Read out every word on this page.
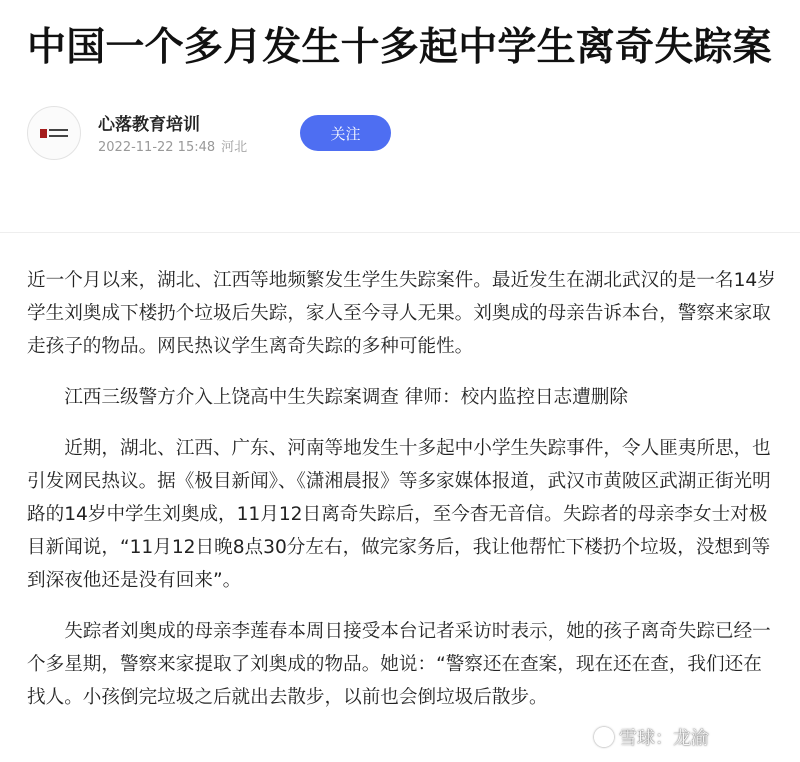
中国一个多月发生十多起中学生离奇失踪案
心落教育培训
2022-11-22 15:48 河北
关注

近一个月以来，湖北、江西等地频繁发生学生失踪案件。最近发生在湖北武汉的是一名14岁学生刘奥成下楼扔个垃圾后失踪，家人至今寻人无果。刘奥成的母亲告诉本台，警察来家取走孩子的物品。网民热议学生离奇失踪的多种可能性。

江西三级警方介入上饶高中生失踪案调查 律师：校内监控日志遭删除

近期，湖北、江西、广东、河南等地发生十多起中小学生失踪事件，令人匪夷所思，也引发网民热议。据《极目新闻》、《潇湘晨报》等多家媒体报道，武汉市黄陂区武湖正街光明路的14岁中学生刘奥成，11月12日离奇失踪后，至今杳无音信。失踪者的母亲李女士对极目新闻说，“11月12日晚8点30分左右，做完家务后，我让他帮忙下楼扔个垃圾，没想到等到深夜他还是没有回来”。

失踪者刘奥成的母亲李莲春本周日接受本台记者采访时表示，她的孩子离奇失踪已经一个多星期，警察来家提取了刘奥成的物品。她说：“警察还在查案，现在还在查，我们还在找人。小孩倒完垃圾之后就出去散步，以前也会倒垃圾后散步。

雪球：龙渝
